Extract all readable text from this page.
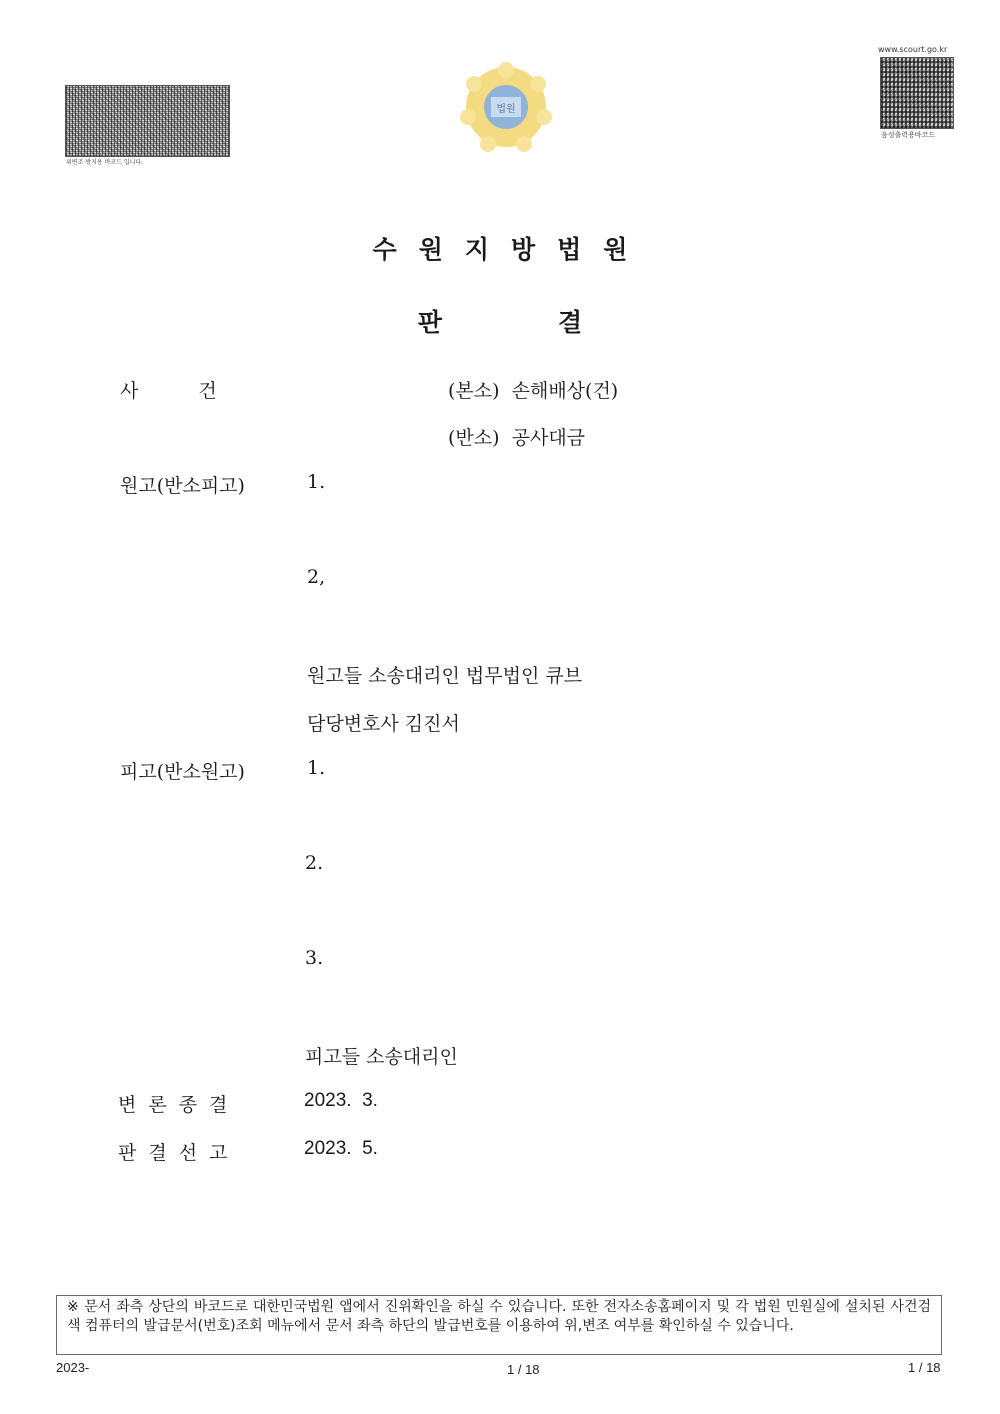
위변조 방지용 바코드 입니다.
법원
www.scourt.go.kr
음성출력용바코드
수원지방법원
판결
사건	(본소)  손해배상(건)
(반소)  공사대금
원고(반소피고)	1.
2,
원고들 소송대리인 법무법인 큐브
담당변호사 김진서
피고(반소원고)	1.
2.
3.
피고들 소송대리인
변론종결	2023.  3.
판결선고	2023.  5.
※ 문서 좌측 상단의 바코드로 대한민국법원 앱에서 진위확인을 하실 수 있습니다. 또한 전자소송홈페이지 및 각 법원 민원실에 설치된 사건검색 컴퓨터의 발급문서(번호)조회 메뉴에서 문서 좌측 하단의 발급번호를 이용하여 위,변조 여부를 확인하실 수 있습니다.
2023-	1 / 18	1 / 18
